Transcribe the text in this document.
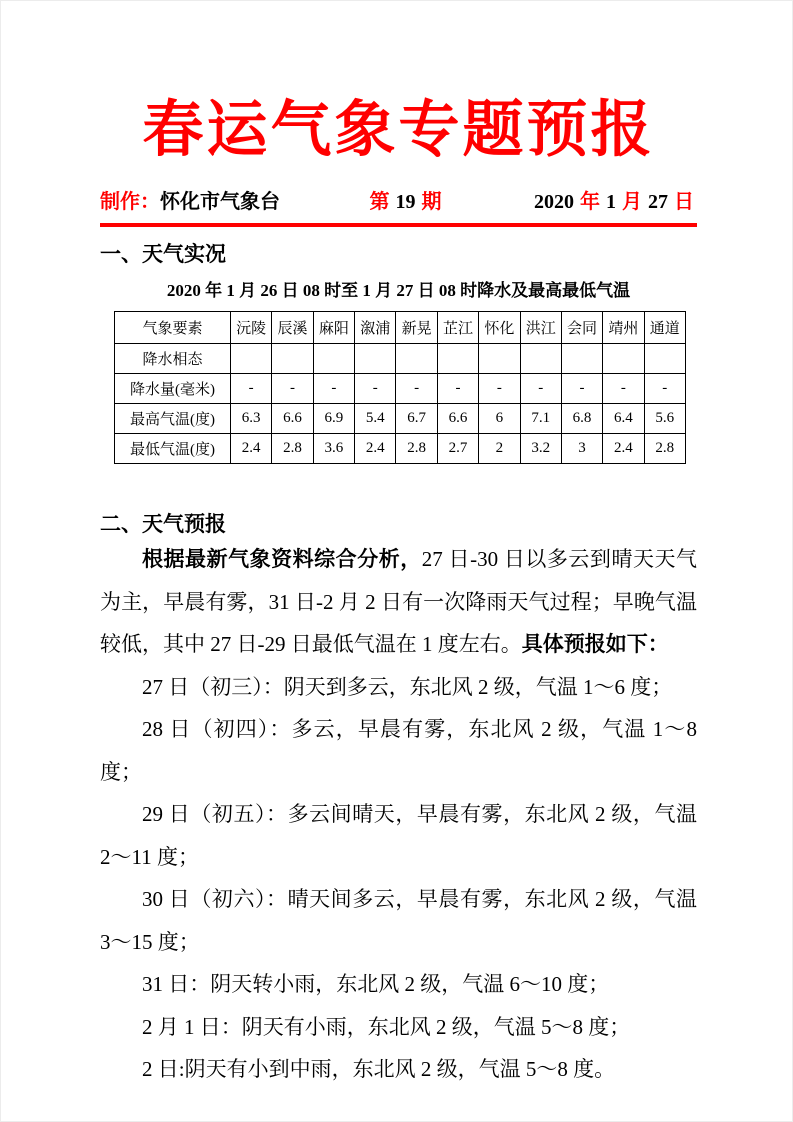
春运气象专题预报
制作：怀化市气象台	第 19 期	2020 年 1 月 27 日
一、天气实况
2020 年 1 月 26 日 08 时至 1 月 27 日 08 时降水及最高最低气温
气象要素	沅陵	辰溪	麻阳	溆浦	新晃	芷江	怀化	洪江	会同	靖州	通道
降水相态											
降水量(毫米)	-	-	-	-	-	-	-	-	-	-	-
最高气温(度)	6.3	6.6	6.9	5.4	6.7	6.6	6	7.1	6.8	6.4	5.6
最低气温(度)	2.4	2.8	3.6	2.4	2.8	2.7	2	3.2	3	2.4	2.8
二、天气预报

根据最新气象资料综合分析，27 日-30 日以多云到晴天天气为主，早晨有雾，31 日-2 月 2 日有一次降雨天气过程；早晚气温较低，其中 27 日-29 日最低气温在 1 度左右。具体预报如下：

27 日（初三）：阴天到多云，东北风 2 级，气温 1～6 度；

28 日（初四）：多云，早晨有雾，东北风 2 级，气温 1～8 度；

29 日（初五）：多云间晴天，早晨有雾，东北风 2 级，气温 2～11 度；

30 日（初六）：晴天间多云，早晨有雾，东北风 2 级，气温 3～15 度；

31 日：阴天转小雨，东北风 2 级，气温 6～10 度；

2 月 1 日：阴天有小雨，东北风 2 级，气温 5～8 度；

2 日:阴天有小到中雨，东北风 2 级，气温 5～8 度。
